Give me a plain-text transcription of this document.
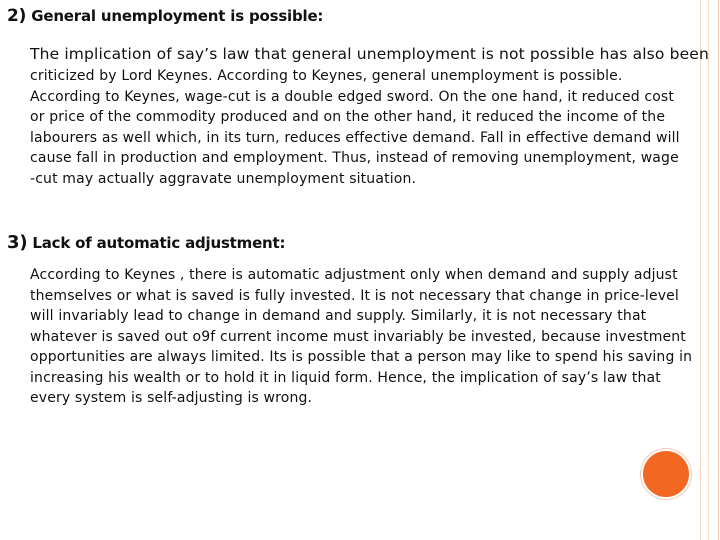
2) General unemployment is possible:
The implication of say’s law that general unemployment is not possible has also been
criticized by Lord Keynes. According to Keynes, general unemployment is possible.
According to Keynes, wage-cut is a double edged sword. On the one hand, it reduced cost
or price of the commodity produced and on the other hand, it reduced the income of the
labourers as well which, in its turn, reduces effective demand. Fall in effective demand will
cause fall in production and employment. Thus, instead of removing unemployment, wage
-cut may actually aggravate unemployment situation.
3) Lack of automatic adjustment:
According to Keynes , there is automatic adjustment only when demand and supply adjust
themselves or what is saved is fully invested. It is not necessary that change in price-level
will invariably lead to change in demand and supply. Similarly, it is not necessary that
whatever is saved out o9f current income must invariably be invested, because investment
opportunities are always limited. Its is possible that a person may like to spend his saving in
increasing his wealth or to hold it in liquid form. Hence, the implication of say’s law that
every system is self-adjusting is wrong.
